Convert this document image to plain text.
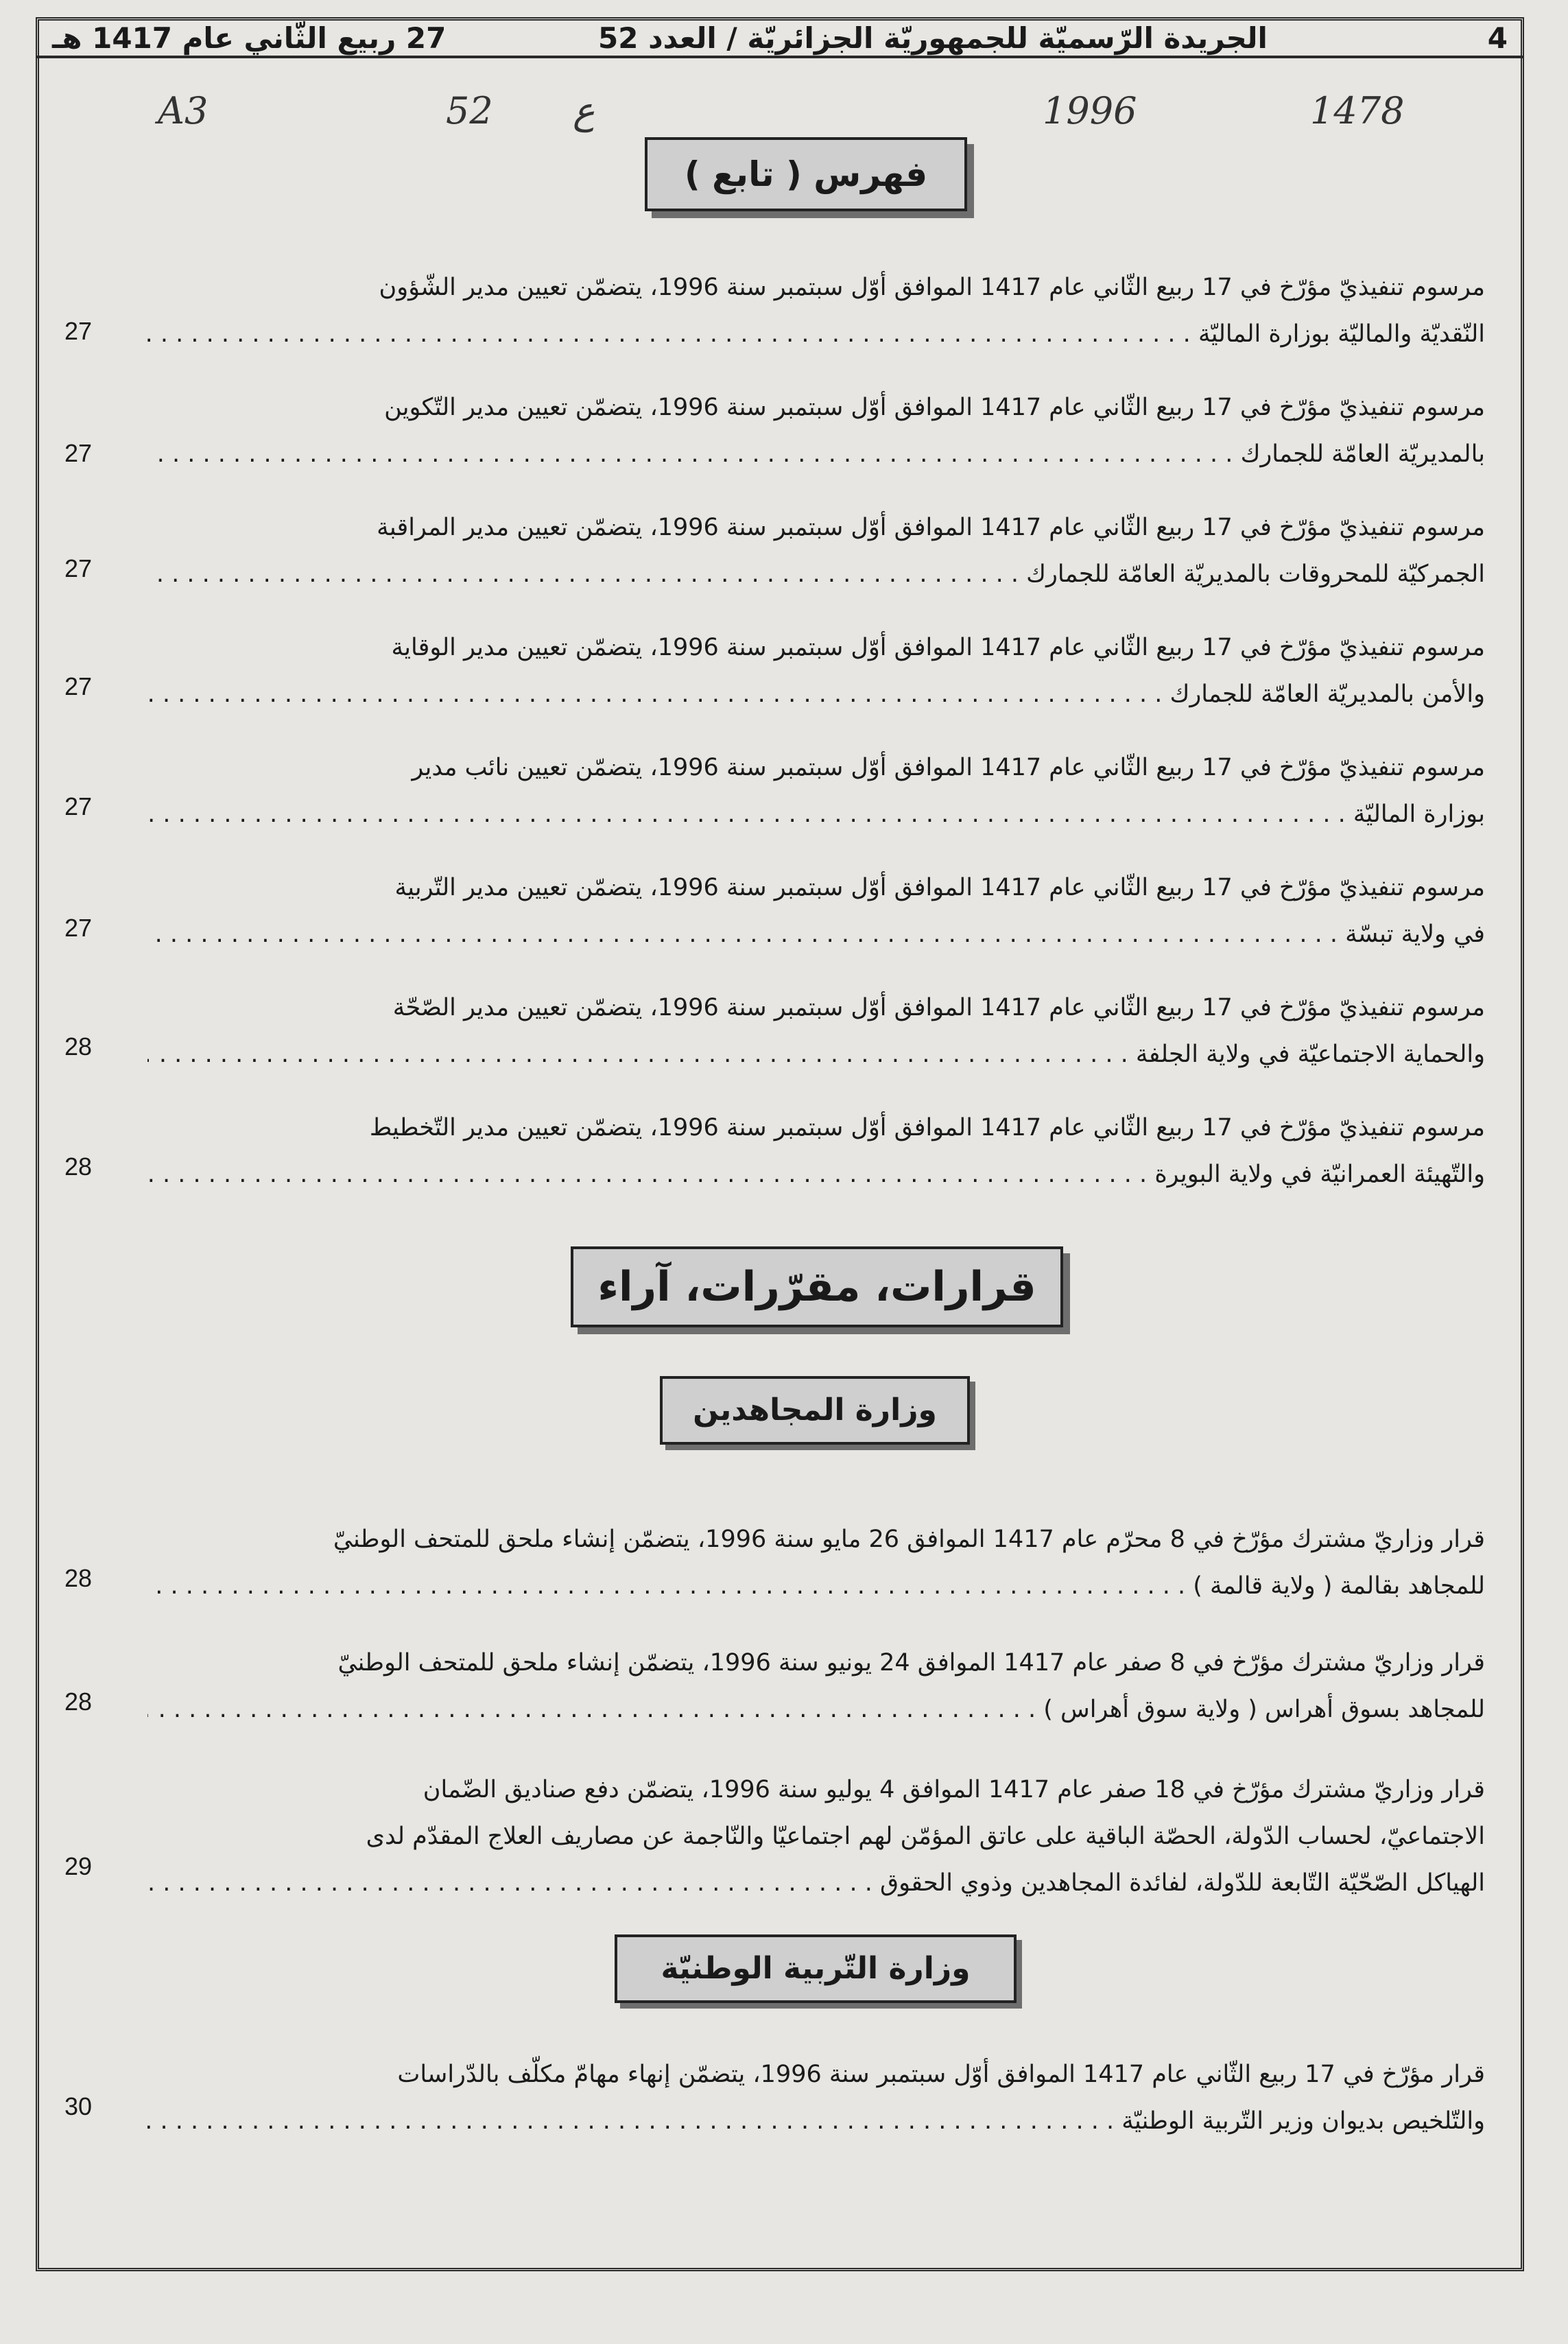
27 ربيع الثّاني عام 1417 هـ	الجريدة الرّسميّة للجمهوريّة الجزائريّة / العدد 52	4
A3	52 ع	1996	1478
فهرس ( تابع )
مرسوم تنفيذيّ مؤرّخ في 17 ربيع الثّاني عام 1417 الموافق أوّل سبتمبر سنة 1996، يتضمّن تعيين مدير الشّؤون
النّقديّة والماليّة بوزارة الماليّة . . .
27
مرسوم تنفيذيّ مؤرّخ في 17 ربيع الثّاني عام 1417 الموافق أوّل سبتمبر سنة 1996، يتضمّن تعيين مدير التّكوين
بالمديريّة العامّة للجمارك . . .
27
مرسوم تنفيذيّ مؤرّخ في 17 ربيع الثّاني عام 1417 الموافق أوّل سبتمبر سنة 1996، يتضمّن تعيين مدير المراقبة
الجمركيّة للمحروقات بالمديريّة العامّة للجمارك . . .
27
مرسوم تنفيذيّ مؤرّخ في 17 ربيع الثّاني عام 1417 الموافق أوّل سبتمبر سنة 1996، يتضمّن تعيين مدير الوقاية
والأمن بالمديريّة العامّة للجمارك . . .
27
مرسوم تنفيذيّ مؤرّخ في 17 ربيع الثّاني عام 1417 الموافق أوّل سبتمبر سنة 1996، يتضمّن تعيين نائب مدير
بوزارة الماليّة . . .
27
مرسوم تنفيذيّ مؤرّخ في 17 ربيع الثّاني عام 1417 الموافق أوّل سبتمبر سنة 1996، يتضمّن تعيين مدير التّربية
في ولاية تبسّة . . .
27
مرسوم تنفيذيّ مؤرّخ في 17 ربيع الثّاني عام 1417 الموافق أوّل سبتمبر سنة 1996، يتضمّن تعيين مدير الصّحّة
والحماية الاجتماعيّة في ولاية الجلفة . . .
28
مرسوم تنفيذيّ مؤرّخ في 17 ربيع الثّاني عام 1417 الموافق أوّل سبتمبر سنة 1996، يتضمّن تعيين مدير التّخطيط
والتّهيئة العمرانيّة في ولاية البويرة . . .
28
قرارات، مقرّرات، آراء
وزارة المجاهدين
قرار وزاريّ مشترك مؤرّخ في 8 محرّم عام 1417 الموافق 26 مايو سنة 1996، يتضمّن إنشاء ملحق للمتحف الوطنيّ
للمجاهد بقالمة ( ولاية قالمة ) . . .
28
قرار وزاريّ مشترك مؤرّخ في 8 صفر عام 1417 الموافق 24 يونيو سنة 1996، يتضمّن إنشاء ملحق للمتحف الوطنيّ
للمجاهد بسوق أهراس ( ولاية سوق أهراس ) . . .
28
قرار وزاريّ مشترك مؤرّخ في 18 صفر عام 1417 الموافق 4 يوليو سنة 1996، يتضمّن دفع صناديق الضّمان
الاجتماعيّ، لحساب الدّولة، الحصّة الباقية على عاتق المؤمّن لهم اجتماعيّا والنّاجمة عن مصاريف العلاج المقدّم لدى
الهياكل الصّحّيّة التّابعة للدّولة، لفائدة المجاهدين وذوي الحقوق . . .
29
وزارة التّربية الوطنيّة
قرار مؤرّخ في 17 ربيع الثّاني عام 1417 الموافق أوّل سبتمبر سنة 1996، يتضمّن إنهاء مهامّ مكلّف بالدّراسات
والتّلخيص بديوان وزير التّربية الوطنيّة . . .
30
